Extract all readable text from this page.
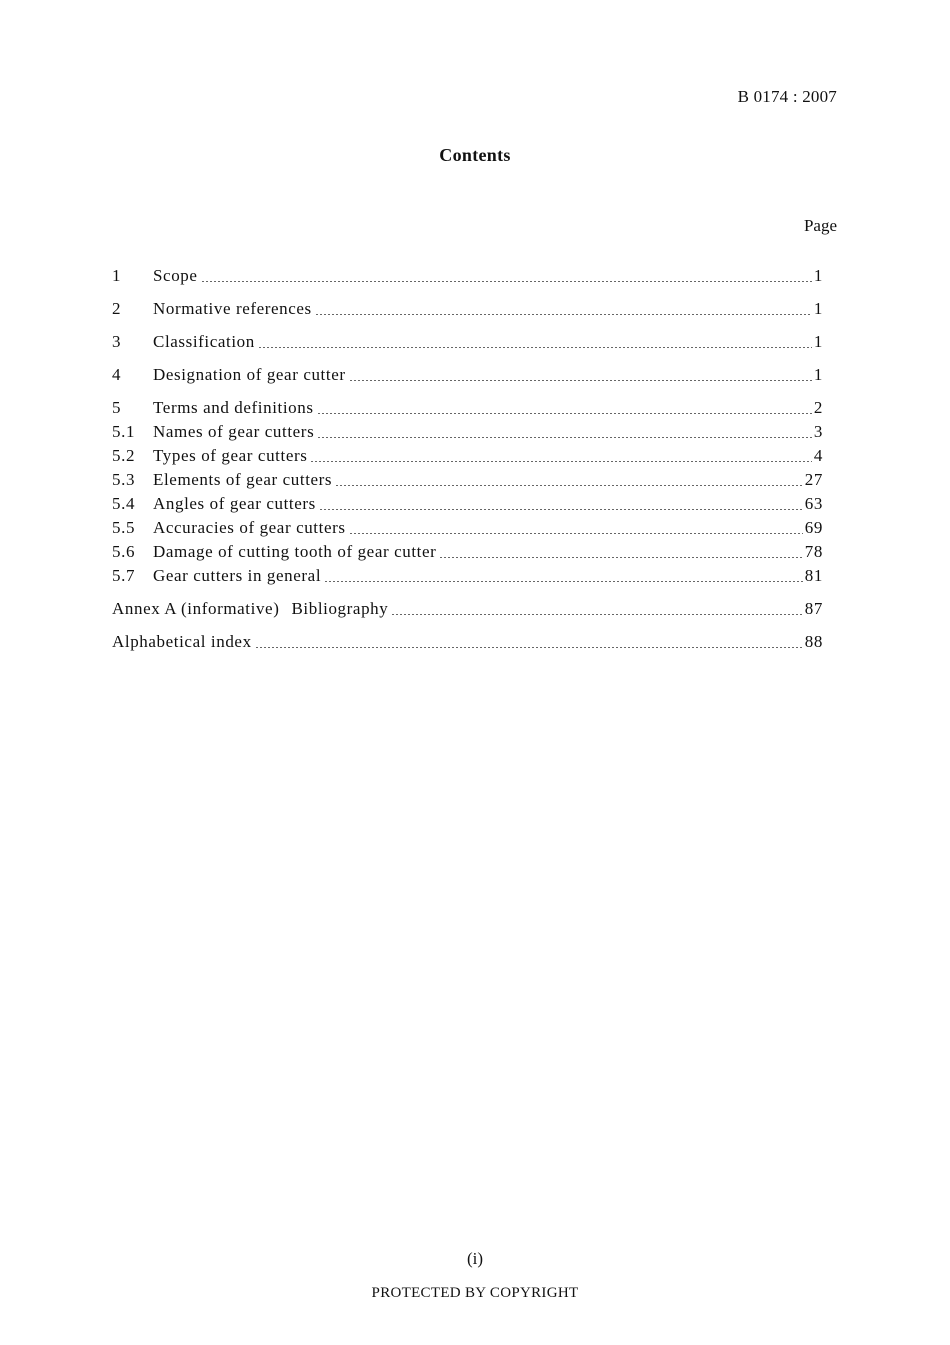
B 0174 : 2007
Contents
Page
1	Scope	1
2	Normative references	1
3	Classification	1
4	Designation of gear cutter	1
5	Terms and definitions	2
5.1	Names of gear cutters	3
5.2	Types of gear cutters	4
5.3	Elements of gear cutters	27
5.4	Angles of gear cutters	63
5.5	Accuracies of gear cutters	69
5.6	Damage of cutting tooth of gear cutter	78
5.7	Gear cutters in general	81
Annex A (informative) Bibliography	87
Alphabetical index	88
(i)
PROTECTED BY COPYRIGHT
